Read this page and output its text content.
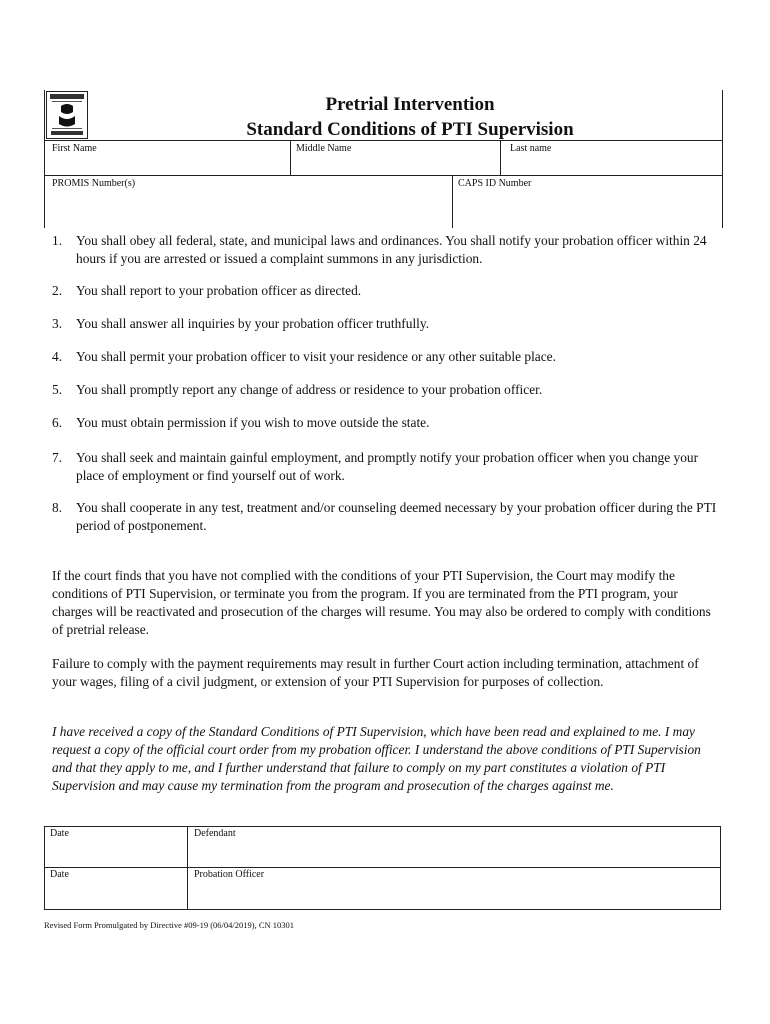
Pretrial Intervention
Standard Conditions of PTI Supervision
First Name	Middle Name	Last name
PROMIS Number(s)	CAPS ID Number
1.	You shall obey all federal, state, and municipal laws and ordinances. You shall notify your probation officer within 24 hours if you are arrested or issued a complaint summons in any jurisdiction.
2.	You shall report to your probation officer as directed.
3.	You shall answer all inquiries by your probation officer truthfully.
4.	You shall permit your probation officer to visit your residence or any other suitable place.
5.	You shall promptly report any change of address or residence to your probation officer.
6.	You must obtain permission if you wish to move outside the state.
7.	You shall seek and maintain gainful employment, and promptly notify your probation officer when you change your place of employment or find yourself out of work.
8.	You shall cooperate in any test, treatment and/or counseling deemed necessary by your probation officer during the PTI period of postponement.
If the court finds that you have not complied with the conditions of your PTI Supervision, the Court may modify the conditions of PTI Supervision, or terminate you from the program. If you are terminated from the PTI program, your charges will be reactivated and prosecution of the charges will resume. You may also be ordered to comply with conditions of pretrial release.
Failure to comply with the payment requirements may result in further Court action including termination, attachment of your wages, filing of a civil judgment, or extension of your PTI Supervision for purposes of collection.
I have received a copy of the Standard Conditions of PTI Supervision, which have been read and explained to me. I may request a copy of the official court order from my probation officer. I understand the above conditions of PTI Supervision and that they apply to me, and I further understand that failure to comply on my part constitutes a violation of PTI Supervision and may cause my termination from the program and prosecution of the charges against me.
Date	Defendant
Date	Probation Officer
Revised Form Promulgated by Directive #09-19 (06/04/2019), CN 10301
